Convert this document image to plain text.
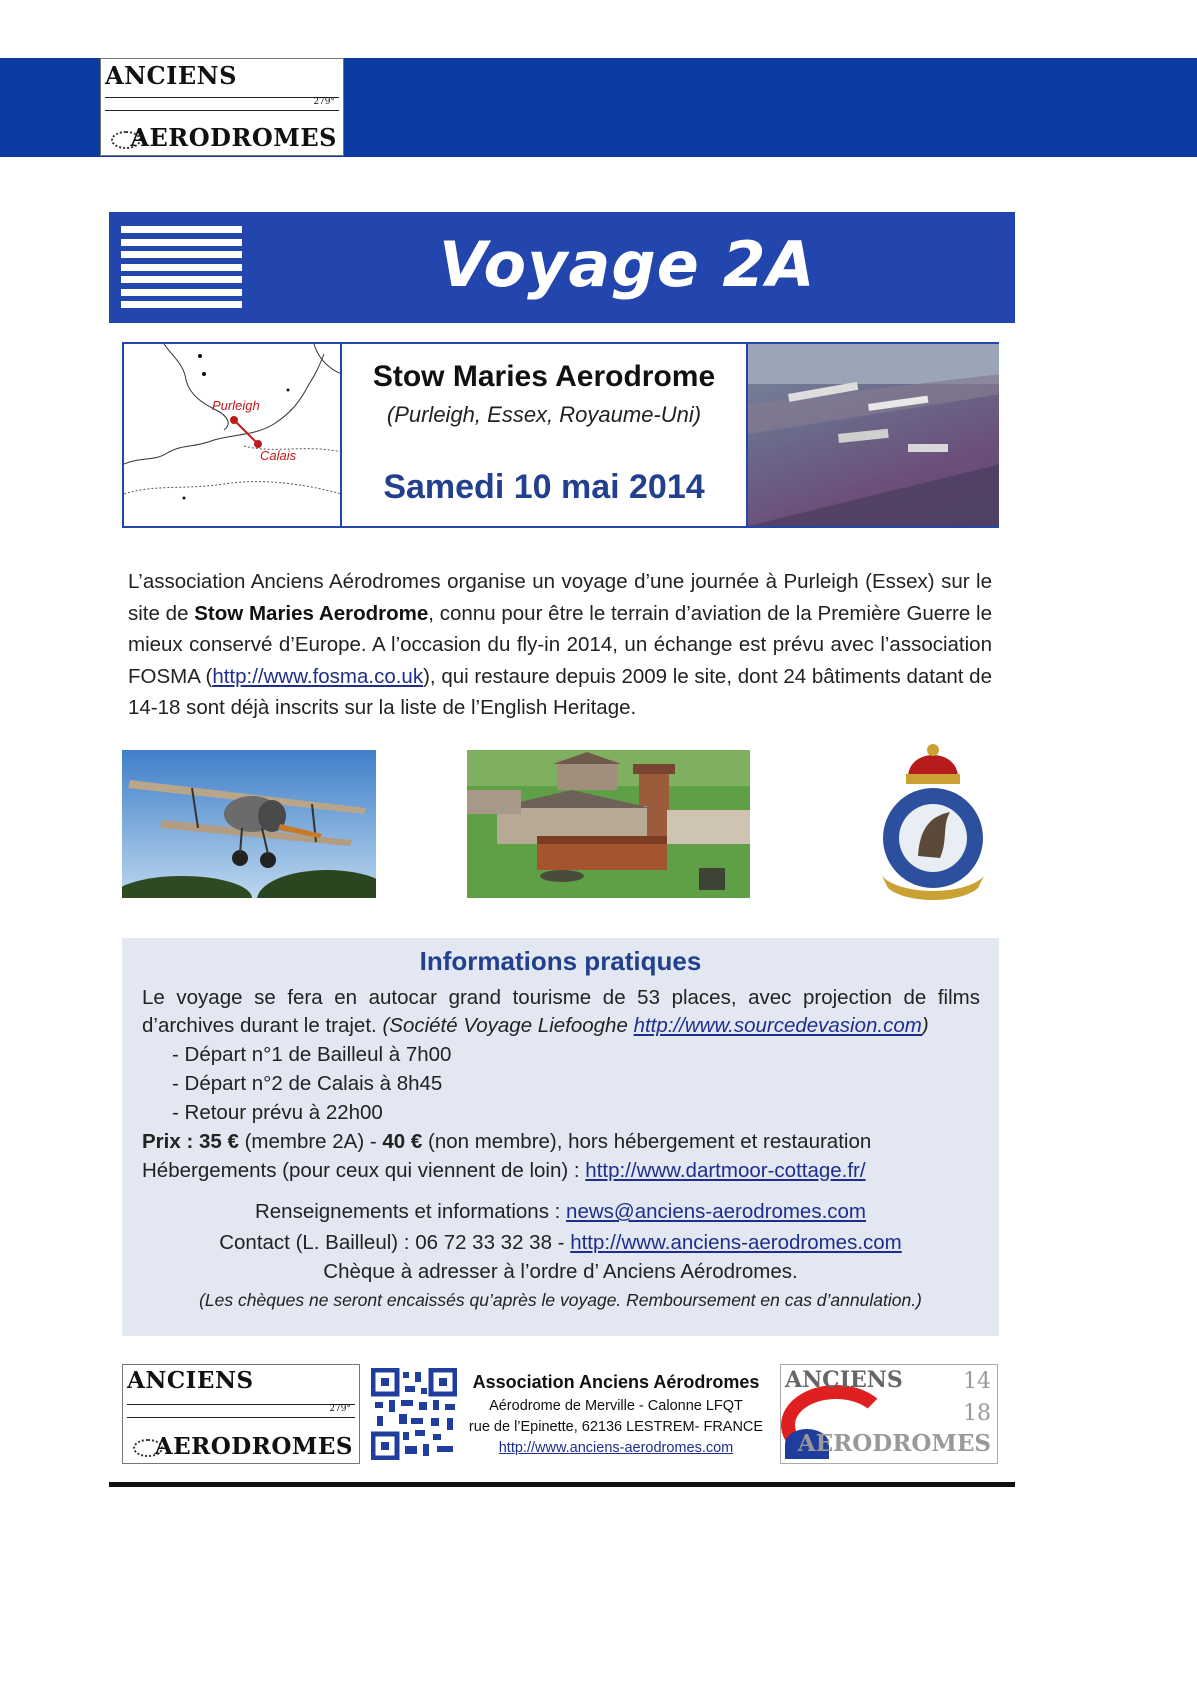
ANCIENS
279°
AERODROMES
Voyage 2A
Purleigh
Calais
Stow Maries Aerodrome
(Purleigh, Essex, Royaume-Uni)
Samedi 10 mai 2014
L’association Anciens Aérodromes organise un voyage d’une journée à Purleigh (Essex) sur le site de Stow Maries Aerodrome, connu pour être le terrain d’aviation de la Première Guerre le mieux conservé d’Europe. A l’occasion du fly-in 2014, un échange est prévu avec l’association FOSMA (http://www.fosma.co.uk), qui restaure depuis 2009 le site, dont 24 bâtiments datant de 14-18 sont déjà inscrits sur la liste de l’English Heritage.
Informations pratiques
Le voyage se fera en autocar grand tourisme de 53 places, avec projection de films d’archives durant le trajet. (Société Voyage Liefooghe http://www.sourcedevasion.com)
- Départ n°1 de Bailleul à 7h00
- Départ n°2 de Calais à 8h45
- Retour prévu à 22h00
Prix : 35 € (membre 2A) - 40 € (non membre), hors hébergement et restauration
Hébergements (pour ceux qui viennent de loin) : http://www.dartmoor-cottage.fr/
Renseignements et informations : news@anciens-aerodromes.com
Contact (L. Bailleul) : 06 72 33 32 38 - http://www.anciens-aerodromes.com
Chèque à adresser à l’ordre d’ Anciens Aérodromes.
(Les chèques ne seront encaissés qu’après le voyage. Remboursement en cas d’annulation.)
ANCIENS
279°
AERODROMES
Association Anciens Aérodromes
Aérodrome de Merville - Calonne LFQT
rue de l’Epinette, 62136 LESTREM- FRANCE
http://www.anciens-aerodromes.com
ANCIENS	14
18
AERODROMES
